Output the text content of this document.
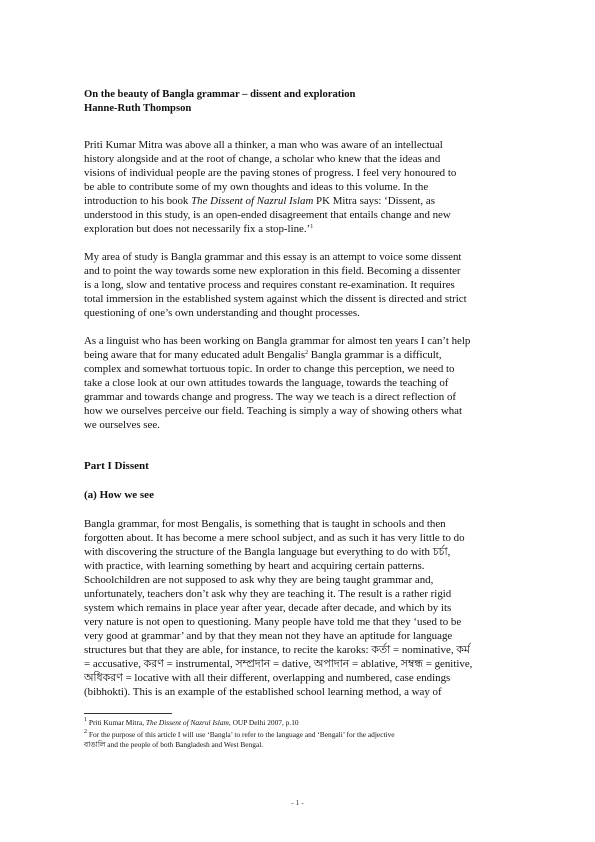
On the beauty of Bangla grammar – dissent and exploration
Hanne-Ruth Thompson

Priti Kumar Mitra was above all a thinker, a man who was aware of an intellectual
history alongside and at the root of change, a scholar who knew that the ideas and
visions of individual people are the paving stones of progress. I feel very honoured to
be able to contribute some of my own thoughts and ideas to this volume. In the
introduction to his book The Dissent of Nazrul Islam PK Mitra says: ‘Dissent, as
understood in this study, is an open-ended disagreement that entails change and new
exploration but does not necessarily fix a stop-line.’$^1$

My area of study is Bangla grammar and this essay is an attempt to voice some dissent
and to point the way towards some new exploration in this field. Becoming a dissenter
is a long, slow and tentative process and requires constant re-examination. It requires
total immersion in the established system against which the dissent is directed and strict
questioning of one’s own understanding and thought processes.

As a linguist who has been working on Bangla grammar for almost ten years I can’t help
being aware that for many educated adult Bengalis$^2$ Bangla grammar is a difficult,
complex and somewhat tortuous topic. In order to change this perception, we need to
take a close look at our own attitudes towards the language, towards the teaching of
grammar and towards change and progress. The way we teach is a direct reflection of
how we ourselves perceive our field. Teaching is simply a way of showing others what
we ourselves see.

Part I Dissent
(a) How we see

Bangla grammar, for most Bengalis, is something that is taught in schools and then
forgotten about. It has become a mere school subject, and as such it has very little to do
with discovering the structure of the Bangla language but everything to do with চর্চা,
with practice, with learning something by heart and acquiring certain patterns.
Schoolchildren are not supposed to ask why they are being taught grammar and,
unfortunately, teachers don’t ask why they are teaching it. The result is a rather rigid
system which remains in place year after year, decade after decade, and which by its
very nature is not open to questioning. Many people have told me that they ‘used to be
very good at grammar’ and by that they mean not they have an aptitude for language
structures but that they are able, for instance, to recite the karoks: কর্তা = nominative, কর্ম
= accusative, করণ = instrumental, সম্প্রদান = dative, অপাদান = ablative, সম্বন্ধ = genitive,
অধিকরণ = locative with all their different, overlapping and numbered, case endings
(bibhokti). This is an example of the established school learning method, a way of

$^1$ Priti Kumar Mitra, The Dissent of Nazrul Islam, OUP Delhi 2007, p.10
$^2$ For the purpose of this article I will use ‘Bangla’ to refer to the language and ‘Bengali’ for the adjective
বাঙালি and the people of both Bangladesh and West Bengal.
- 1 -
